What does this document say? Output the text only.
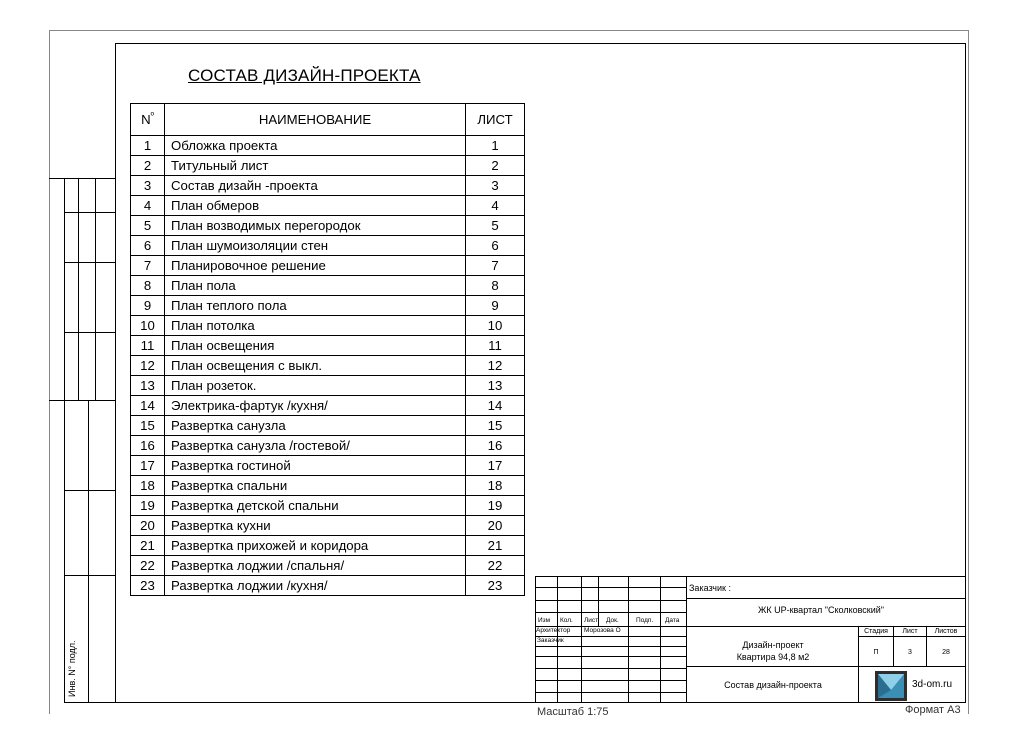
Инв. N° подл.
СОСТАВ ДИЗАЙН-ПРОЕКТА
$N^º$	НАИМЕНОВАНИЕ	ЛИСТ
1	Обложка проекта	1
2	Титульный лист	2
3	Состав дизайн -проекта	3
4	План обмеров	4
5	План возводимых перегородок	5
6	План шумоизоляции стен	6
7	Планировочное решение	7
8	План пола	8
9	План теплого пола	9
10	План потолка	10
11	План освещения	11
12	План освещения с выкл.	12
13	План розеток.	13
14	Электрика-фартук /кухня/	14
15	Развертка санузла	15
16	Развертка санузла /гостевой/	16
17	Развертка гостиной	17
18	Развертка спальни	18
19	Развертка детской спальни	19
20	Развертка кухни	20
21	Развертка прихожей и коридора	21
22	Развертка лоджии /спальня/	22
23	Развертка лоджии /кухня/	23
Изм Кол. Лист Док.	Подп. Дата
Архитектор Морозова О
Заказчик
Заказчик :
ЖК UP-квартал "Сколковский"
Дизайн-проект
Квартира 94,8 м2
Стадия	Лист	Листов
П	3	28
Состав дизайн-проекта	3d-om.ru
Масштаб 1:75	Формат А3
